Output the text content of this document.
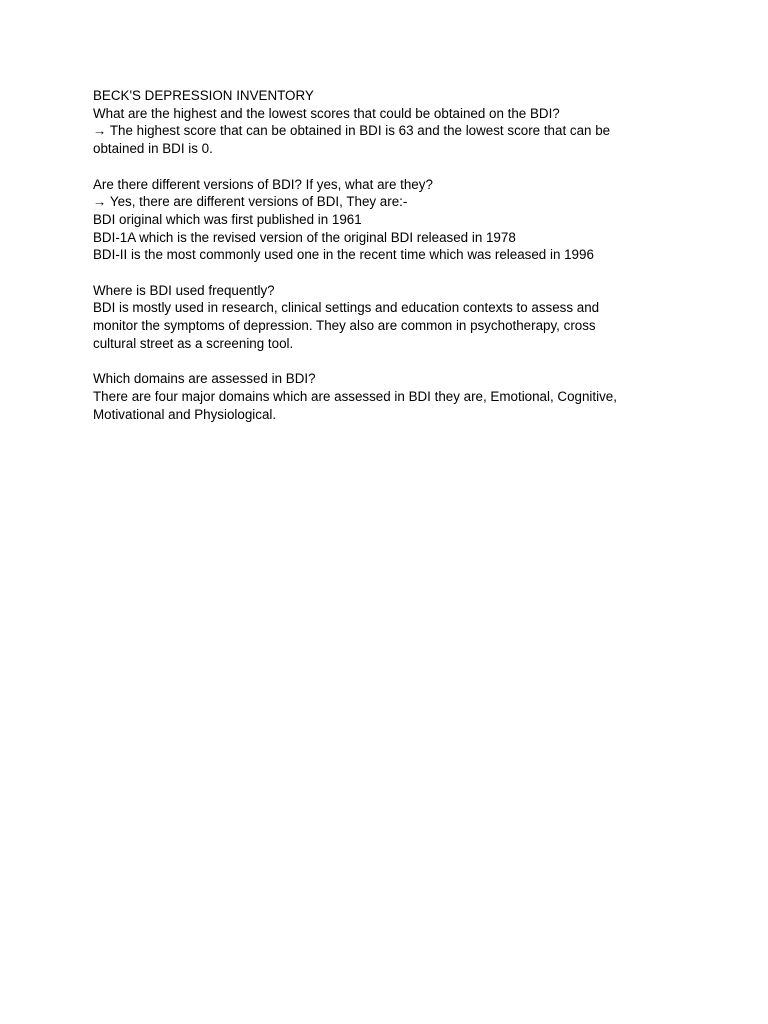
BECK'S DEPRESSION INVENTORY
What are the highest and the lowest scores that could be obtained on the BDI?
→ The highest score that can be obtained in BDI is 63 and the lowest score that can be
obtained in BDI is 0.
Are there different versions of BDI? If yes, what are they?
→ Yes, there are different versions of BDI, They are:-
BDI original which was first published in 1961
BDI-1A which is the revised version of the original BDI released in 1978
BDI-II is the most commonly used one in the recent time which was released in 1996
Where is BDI used frequently?
BDI is mostly used in research, clinical settings and education contexts to assess and
monitor the symptoms of depression. They also are common in psychotherapy, cross
cultural street as a screening tool.
Which domains are assessed in BDI?
There are four major domains which are assessed in BDI they are, Emotional, Cognitive,
Motivational and Physiological.
